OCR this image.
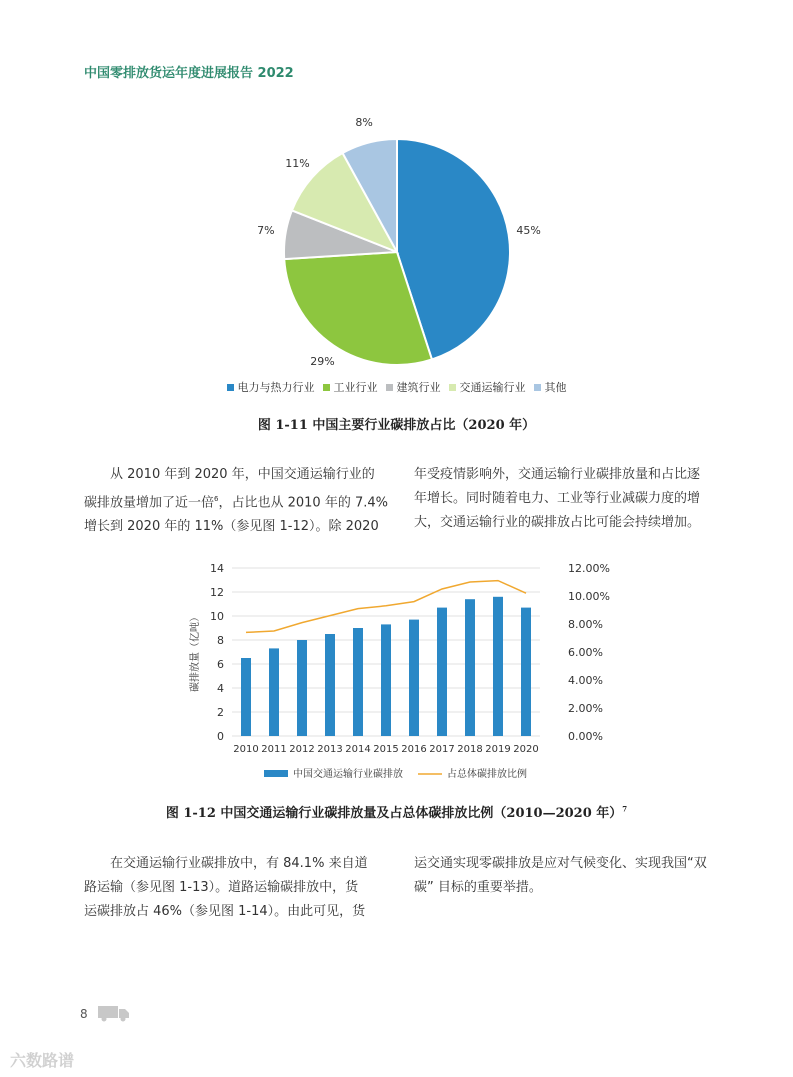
中国零排放货运年度进展报告 2022
45%
29%
7%
11%
8%
电力与热力行业 工业行业 建筑行业 交通运输行业 其他
图 1-11 中国主要行业碳排放占比（2020 年）
从 2010 年到 2020 年，中国交通运输行业的
碳排放量增加了近一倍$^6$，占比也从 2010 年的 7.4%
增长到 2020 年的 11%（参见图 1-12）。除 2020
年受疫情影响外，交通运输行业碳排放量和占比逐
年增长。同时随着电力、工业等行业减碳力度的增
大，交通运输行业的碳排放占比可能会持续增加。
0
2
4
6
8
10
12
14
0.00%
2.00%
4.00%
6.00%
8.00%
10.00%
12.00%
碳排放量（亿吨）
2010 2011 2012 2013 2014 2015 2016 2017 2018 2019 2020
中国交通运输行业碳排放	占总体碳排放比例
图 1-12 中国交通运输行业碳排放量及占总体碳排放比例（2010—2020 年）$^7$
在交通运输行业碳排放中，有 84.1% 来自道
路运输（参见图 1-13）。道路运输碳排放中，货
运碳排放占 46%（参见图 1-14）。由此可见，货
运交通实现零碳排放是应对气候变化、实现我国“双
碳” 目标的重要举措。
8
六数路谱
